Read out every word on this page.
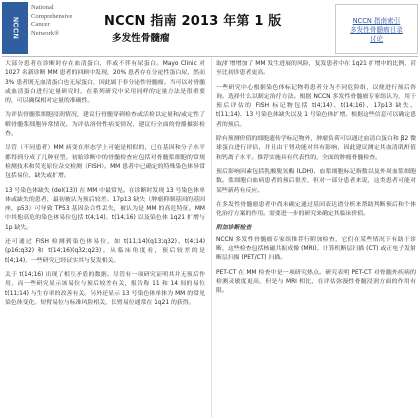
NCCN
National
Comprehensive
Cancer
Network®
NCCN 指南 2013 年第 1 版
多发性骨髓瘤
NCCN 指南索引
多发性骨髓瘤目录
讨论

大部分患者在诊断时存在血清蛋白，伴或不伴有尿蛋白。Mayo Clinic 对 1027 名新诊断 MM 患者的回顾中发现，20% 患者存在分泌性蛋白尿，然而 3% 患者既无血清蛋白也无尿蛋白，因此属于非分泌性骨髓瘤。当可以对骨髓或血清蛋白进行定量研究时，在系列研究中采用同样的定量方法是很重要的，可以确保相对定量的准确性。

为评估骨髓浆细胞浸润情况，建议行骨髓穿刺检查或活检以定量和/或定性了解骨髓浆细胞异常情况。为评估溶骨性病变情况，建议行全面的骨骼摄影检查。

尽管（不同患者）MM 病变在形态学上可能是相似的，已在基因和分子水平都得到分成了几种亚型。初始诊断中的骨髓检查应包括对骨髓浆细胞的常规检测技术和荧光原位杂交检测（FISH）。MM 患者中已确定的特殊染色体异常包括易位、缺失或扩增。

13 号染色体缺失 (del(13)) 在 MM 中最常见。在诊断时发现 13 号染色体单体或缺失的患者，最初被认为预后较差。17p13 缺失（肿瘤抑制基因的基因座，p53）可导致 TP53 基因杂合性丢失，被认为是 MM 的高危特征。MM 中其他高危的染色体易位包括 t(4;14)、t(14;16) 以及染色体 1q21 扩增与 1p 缺失。

还可通过 FISH 检测到染色体易位，如 t(11;14)(q13;q32)、t(4;14)(p16;q32) 和 t(14;16)(q32;q23)。从临床角度看，预后较差的是 t(4;14)，一些研究已经证实其与复发相关。

关于 t(14;16) 出现了相互矛盾的数据。尽管有一项研究证明其并无预后作用，而一些研究显示该易位与预后较差有关，报告称 11 和 14 间的易位 t(11;14) 与生存率的改善有关。另外还显示 13 号染色体单体为 MM 的常见染色体变化。短臂易位与标准风险相关，长臂易位通常在 1q21 的获得。

取/扩增增加了 MM 发生进展的风险，复发患者中在 1q21 扩增中的比例，甚至比初诊患者更高。

一些研究中心根据染色体标记物将患者分为不同危险组，以便进行预后咨询。选择什么以制定治疗方法。根据 NCCN 多发性骨髓瘤专家组认为，用于预后评估的 FISH 标记物包括 t(4;14)、t(14;16)、17p13 缺失、t(11;14)、13 号染色体缺失以及 1 号染色体扩增。根据这些信息可以确定患者的预后。

除有预测价值的细胞遗传学标记物外，肿瘤负荷可以通过血清白蛋白和 β2 微球蛋白进行评估，并且由于肾功能对其有影响，因此建议测定其血清肌酐值和钙离子水平。推荐实施具有代表性的，全面的肿瘤骨髓检查。

预后影响因素包括乳酸脱氢酶 (LDH)、血浆细胞标记指数以及外周血浆细胞数。浆细胞白血病患者的预后很差，但对一部分患者来说，这类患者可能对某些新药有反应。

在多发性骨髓瘤患者中尚未确定通过基因表达谱分析来帮助判断预后和个体化治疗方案的作用。需要进一步的研究来确定其临床价值。

附加诊断检查

NCCN 多发性骨髓瘤专家组推荐行附加检查，它们在某些情况下有助于诊断，这些检查包括核磁共振成像 (MRI)、计算机断层扫描 (CT) 或正电子发射断层扫描 (PET/CT) 扫描。

PET-CT 在 MM 检查中是一项研究热点。研究表明 PET-CT 对骨髓外疾病的检测灵敏度更高，但是与 MRI 相比，在评估弥漫性骨髓浸润方面的作用有限。
